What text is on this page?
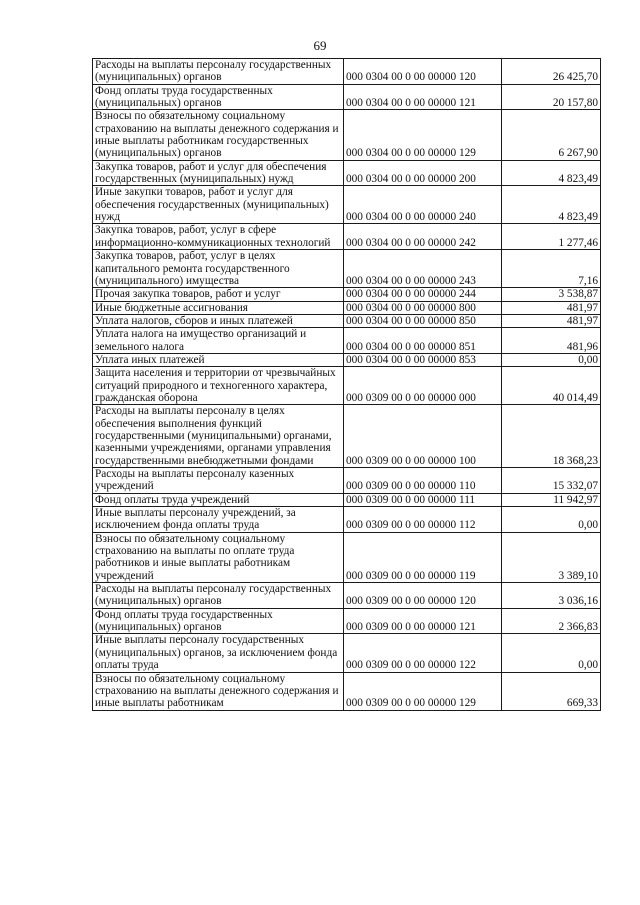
69
Расходы на выплаты персоналу государственных (муниципальных) органов	000 0304 00 0 00 00000 120	26 425,70
Фонд оплаты труда государственных (муниципальных) органов	000 0304 00 0 00 00000 121	20 157,80
Взносы по обязательному социальному страхованию на выплаты денежного содержания и иные выплаты работникам государственных (муниципальных) органов	000 0304 00 0 00 00000 129	6 267,90
Закупка товаров, работ и услуг для обеспечения государственных (муниципальных) нужд	000 0304 00 0 00 00000 200	4 823,49
Иные закупки товаров, работ и услуг для обеспечения государственных (муниципальных) нужд	000 0304 00 0 00 00000 240	4 823,49
Закупка товаров, работ, услуг в сфере информационно-коммуникационных технологий	000 0304 00 0 00 00000 242	1 277,46
Закупка товаров, работ, услуг в целях капитального ремонта государственного (муниципального) имущества	000 0304 00 0 00 00000 243	7,16
Прочая закупка товаров, работ и услуг	000 0304 00 0 00 00000 244	3 538,87
Иные бюджетные ассигнования	000 0304 00 0 00 00000 800	481,97
Уплата налогов, сборов и иных платежей	000 0304 00 0 00 00000 850	481,97
Уплата налога на имущество организаций и земельного налога	000 0304 00 0 00 00000 851	481,96
Уплата иных платежей	000 0304 00 0 00 00000 853	0,00
Защита населения и территории от чрезвычайных ситуаций природного и техногенного характера, гражданская оборона	000 0309 00 0 00 00000 000	40 014,49
Расходы на выплаты персоналу в целях обеспечения выполнения функций государственными (муниципальными) органами, казенными учреждениями, органами управления государственными внебюджетными фондами	000 0309 00 0 00 00000 100	18 368,23
Расходы на выплаты персоналу казенных учреждений	000 0309 00 0 00 00000 110	15 332,07
Фонд оплаты труда учреждений	000 0309 00 0 00 00000 111	11 942,97
Иные выплаты персоналу учреждений, за исключением фонда оплаты труда	000 0309 00 0 00 00000 112	0,00
Взносы по обязательному социальному страхованию на выплаты по оплате труда работников и иные выплаты работникам учреждений	000 0309 00 0 00 00000 119	3 389,10
Расходы на выплаты персоналу государственных (муниципальных) органов	000 0309 00 0 00 00000 120	3 036,16
Фонд оплаты труда государственных (муниципальных) органов	000 0309 00 0 00 00000 121	2 366,83
Иные выплаты персоналу государственных (муниципальных) органов, за исключением фонда оплаты труда	000 0309 00 0 00 00000 122	0,00
Взносы по обязательному социальному страхованию на выплаты денежного содержания и иные выплаты работникам	000 0309 00 0 00 00000 129	669,33
